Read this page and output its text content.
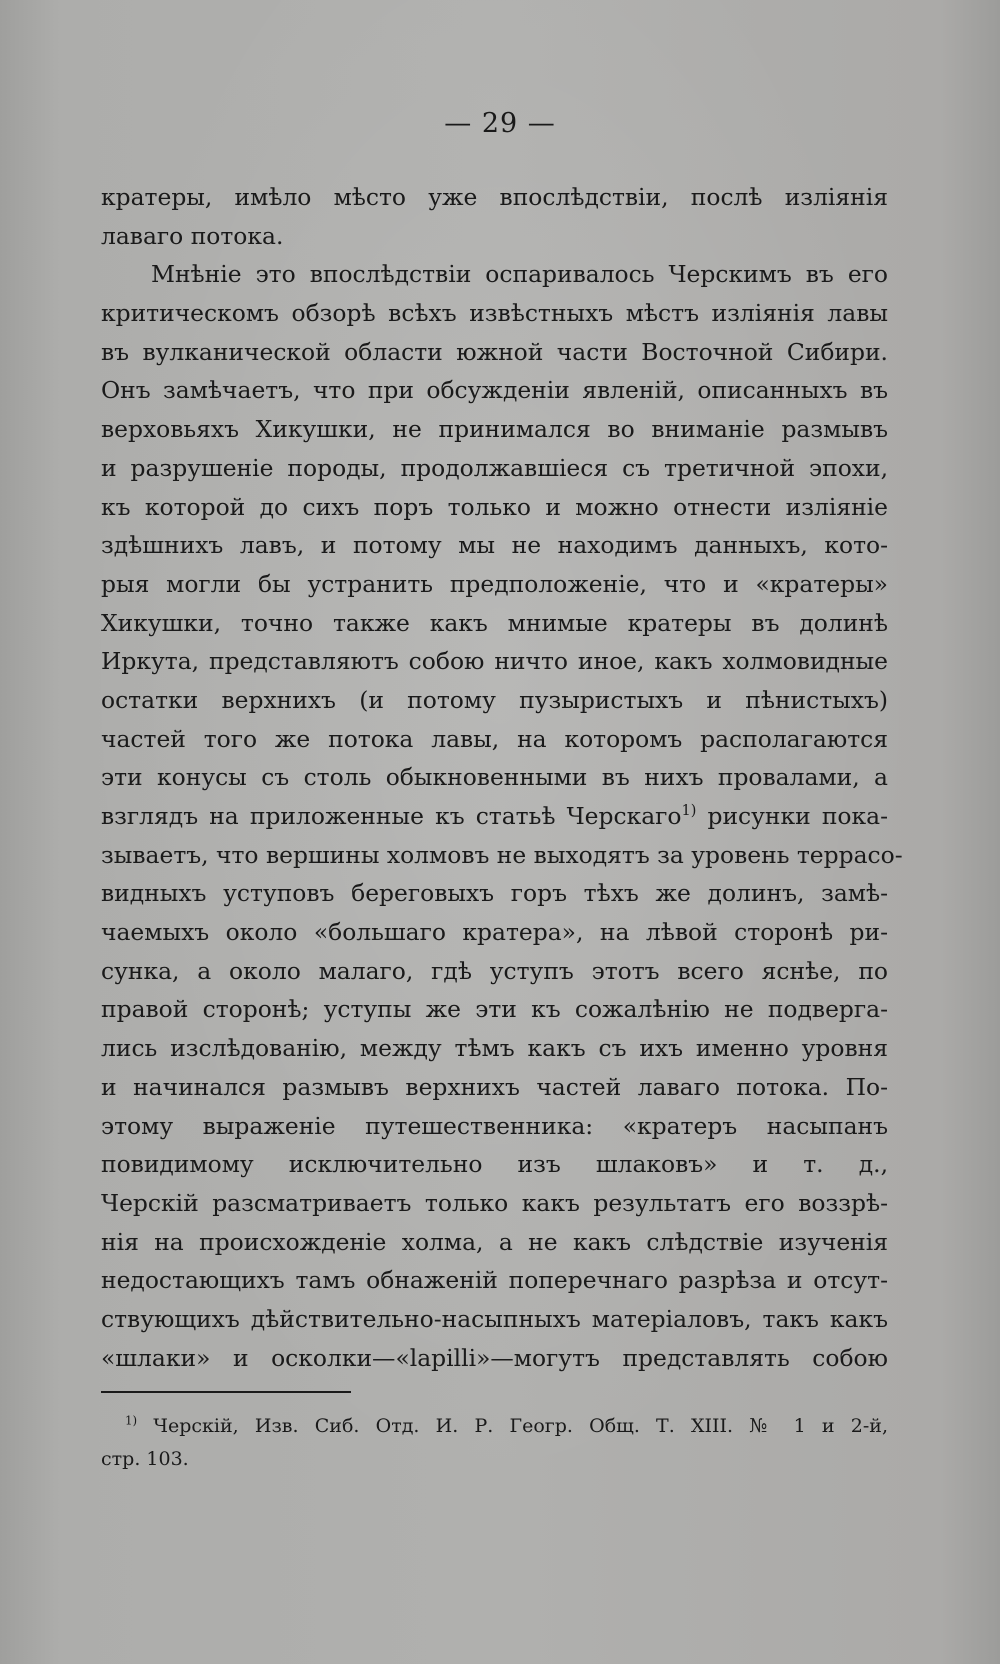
— 29 —
кратеры, имѣло мѣсто уже впослѣдствіи, послѣ изліянія
лаваго потока.
Мнѣніе это впослѣдствіи оспаривалось Черскимъ въ его
критическомъ обзорѣ всѣхъ извѣстныхъ мѣстъ изліянія лавы
въ вулканической области южной части Восточной Сибири.
Онъ замѣчаетъ, что при обсужденіи явленій, описанныхъ въ
верховьяхъ Хикушки, не принимался во вниманіе размывъ
и разрушеніе породы, продолжавшіеся съ третичной эпохи,
къ которой до сихъ поръ только и можно отнести изліяніе
здѣшнихъ лавъ, и потому мы не находимъ данныхъ, кото-
рыя могли бы устранить предположеніе, что и «кратеры»
Хикушки, точно также какъ мнимые кратеры въ долинѣ
Иркута, представляютъ собою ничто иное, какъ холмовидные
остатки верхнихъ (и потому пузыристыхъ и пѣнистыхъ)
частей того же потока лавы, на которомъ располагаются
эти конусы съ столь обыкновенными въ нихъ провалами, а
взглядъ на приложенные къ статьѣ Черскаго$^{1)}$ рисунки пока-
зываетъ, что вершины холмовъ не выходятъ за уровень террасо-
видныхъ уступовъ береговыхъ горъ тѣхъ же долинъ, замѣ-
чаемыхъ около «большаго кратера», на лѣвой сторонѣ ри-
сунка, а около малаго, гдѣ уступъ этотъ всего яснѣе, по
правой сторонѣ; уступы же эти къ сожалѣнію не подверга-
лись изслѣдованію, между тѣмъ какъ съ ихъ именно уровня
и начинался размывъ верхнихъ частей лаваго потока. По-
этому выраженіе путешественника: «кратеръ насыпанъ
повидимому исключительно изъ шлаковъ» и т. д.,
Черскій разсматриваетъ только какъ результатъ его воззрѣ-
нія на происхожденіе холма, а не какъ слѣдствіе изученія
недостающихъ тамъ обнаженій поперечнаго разрѣза и отсут-
ствующихъ дѣйствительно-насыпныхъ матеріаловъ, такъ какъ
«шлаки» и осколки—«lapilli»—могутъ представлять собою
$^{1)}$ Черскій, Изв. Сиб. Отд. И. Р. Геогр. Общ. Т. XIII. № 1 и 2-й,
стр. 103.
